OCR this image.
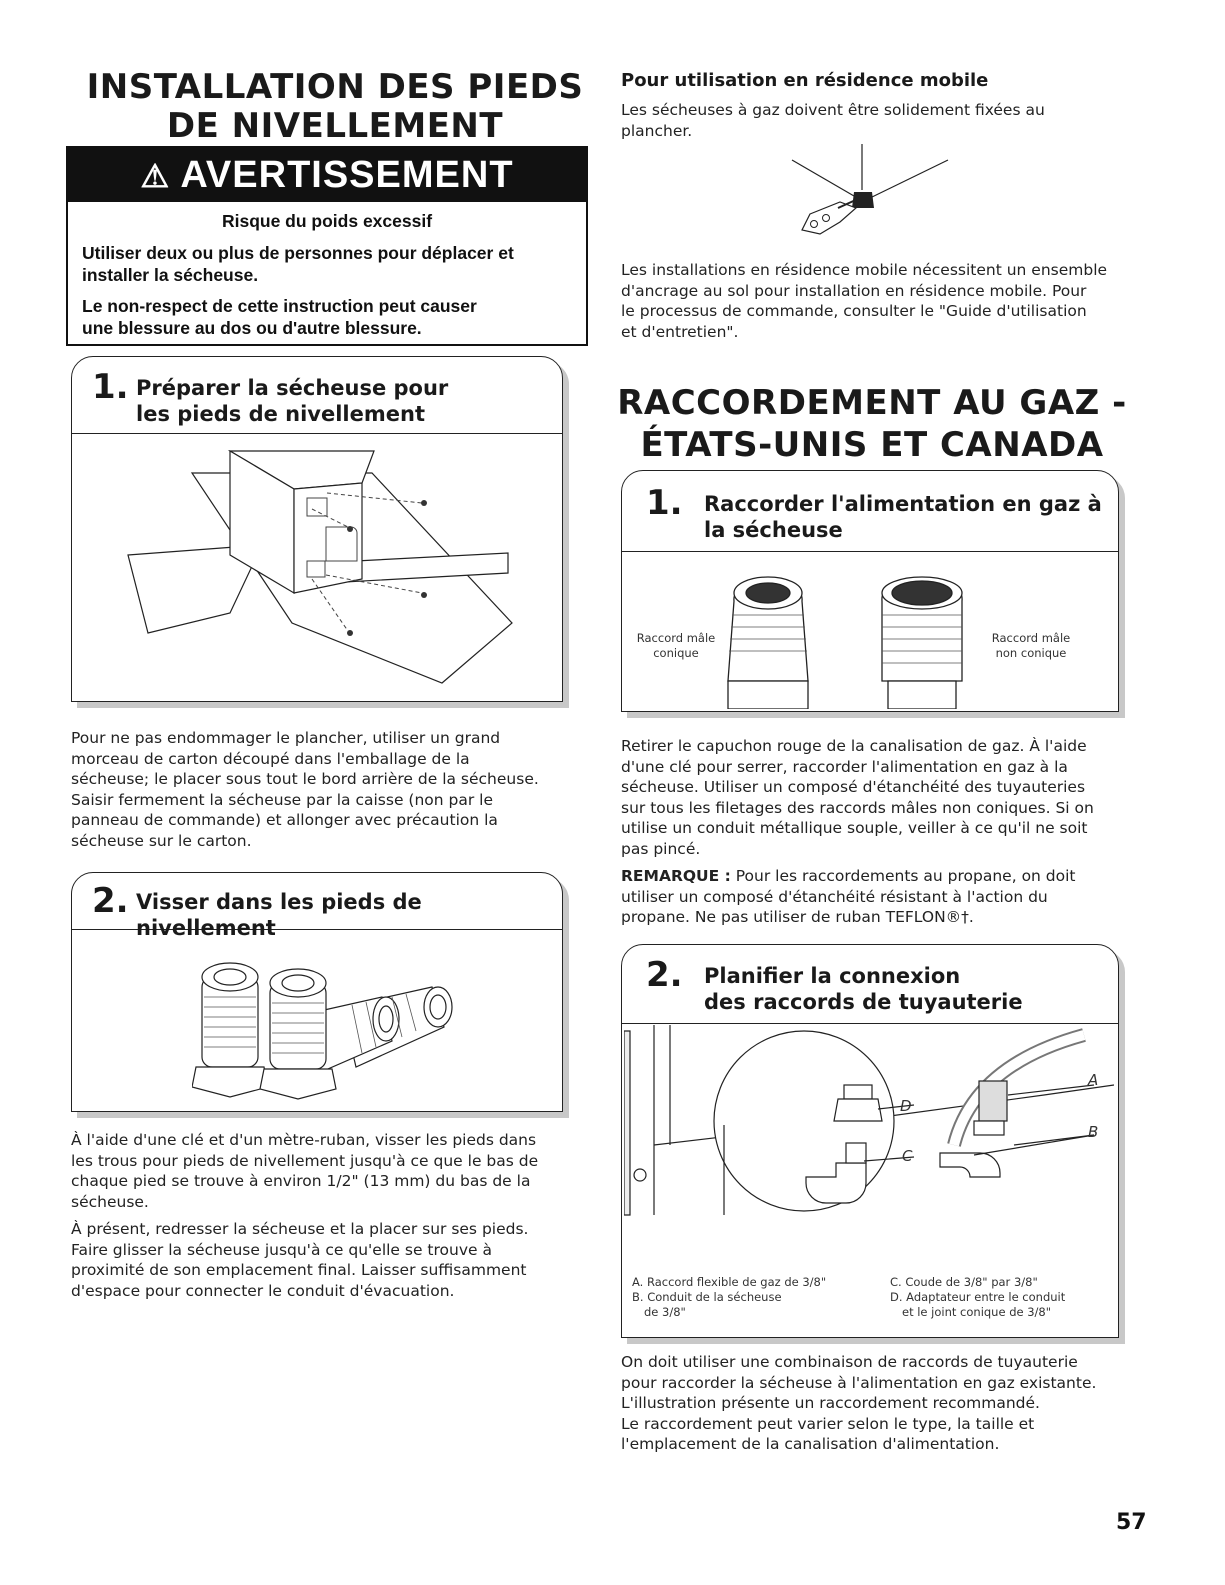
INSTALLATION DES PIEDS
DE NIVELLEMENT
⚠ AVERTISSEMENT
Risque du poids excessif
Utiliser deux ou plus de personnes pour déplacer et
installer la sécheuse.
Le non-respect de cette instruction peut causer
une blessure au dos ou d'autre blessure.
1. Préparer la sécheuse pour
les pieds de nivellement
Pour ne pas endommager le plancher, utiliser un grand
morceau de carton découpé dans l'emballage de la
sécheuse; le placer sous tout le bord arrière de la sécheuse.
Saisir fermement la sécheuse par la caisse (non par le
panneau de commande) et allonger avec précaution la
sécheuse sur le carton.
2. Visser dans les pieds de nivellement
À l'aide d'une clé et d'un mètre-ruban, visser les pieds dans
les trous pour pieds de nivellement jusqu'à ce que le bas de
chaque pied se trouve à environ 1/2" (13 mm) du bas de la
sécheuse.
À présent, redresser la sécheuse et la placer sur ses pieds.
Faire glisser la sécheuse jusqu'à ce qu'elle se trouve à
proximité de son emplacement final. Laisser suffisamment
d'espace pour connecter le conduit d'évacuation.
Pour utilisation en résidence mobile
Les sécheuses à gaz doivent être solidement fixées au
plancher.
Les installations en résidence mobile nécessitent un ensemble
d'ancrage au sol pour installation en résidence mobile. Pour
le processus de commande, consulter le "Guide d'utilisation
et d'entretien".
RACCORDEMENT AU GAZ -
ÉTATS-UNIS ET CANADA
1. Raccorder l'alimentation en gaz à
la sécheuse
Raccord mâle
conique
Raccord mâle
non conique
Retirer le capuchon rouge de la canalisation de gaz. À l'aide
d'une clé pour serrer, raccorder l'alimentation en gaz à la
sécheuse. Utiliser un composé d'étanchéité des tuyauteries
sur tous les filetages des raccords mâles non coniques. Si on
utilise un conduit métallique souple, veiller à ce qu'il ne soit
pas pincé.
REMARQUE : Pour les raccordements au propane, on doit
utiliser un composé d'étanchéité résistant à l'action du
propane. Ne pas utiliser de ruban TEFLON®†.
2. Planifier la connexion
des raccords de tuyauterie
A
B
D
C
A. Raccord flexible de gaz de 3/8"
B. Conduit de la sécheuse
de 3/8"
C. Coude de 3/8" par 3/8"
D. Adaptateur entre le conduit
et le joint conique de 3/8"
On doit utiliser une combinaison de raccords de tuyauterie
pour raccorder la sécheuse à l'alimentation en gaz existante.
L'illustration présente un raccordement recommandé.
Le raccordement peut varier selon le type, la taille et
l'emplacement de la canalisation d'alimentation.
57
